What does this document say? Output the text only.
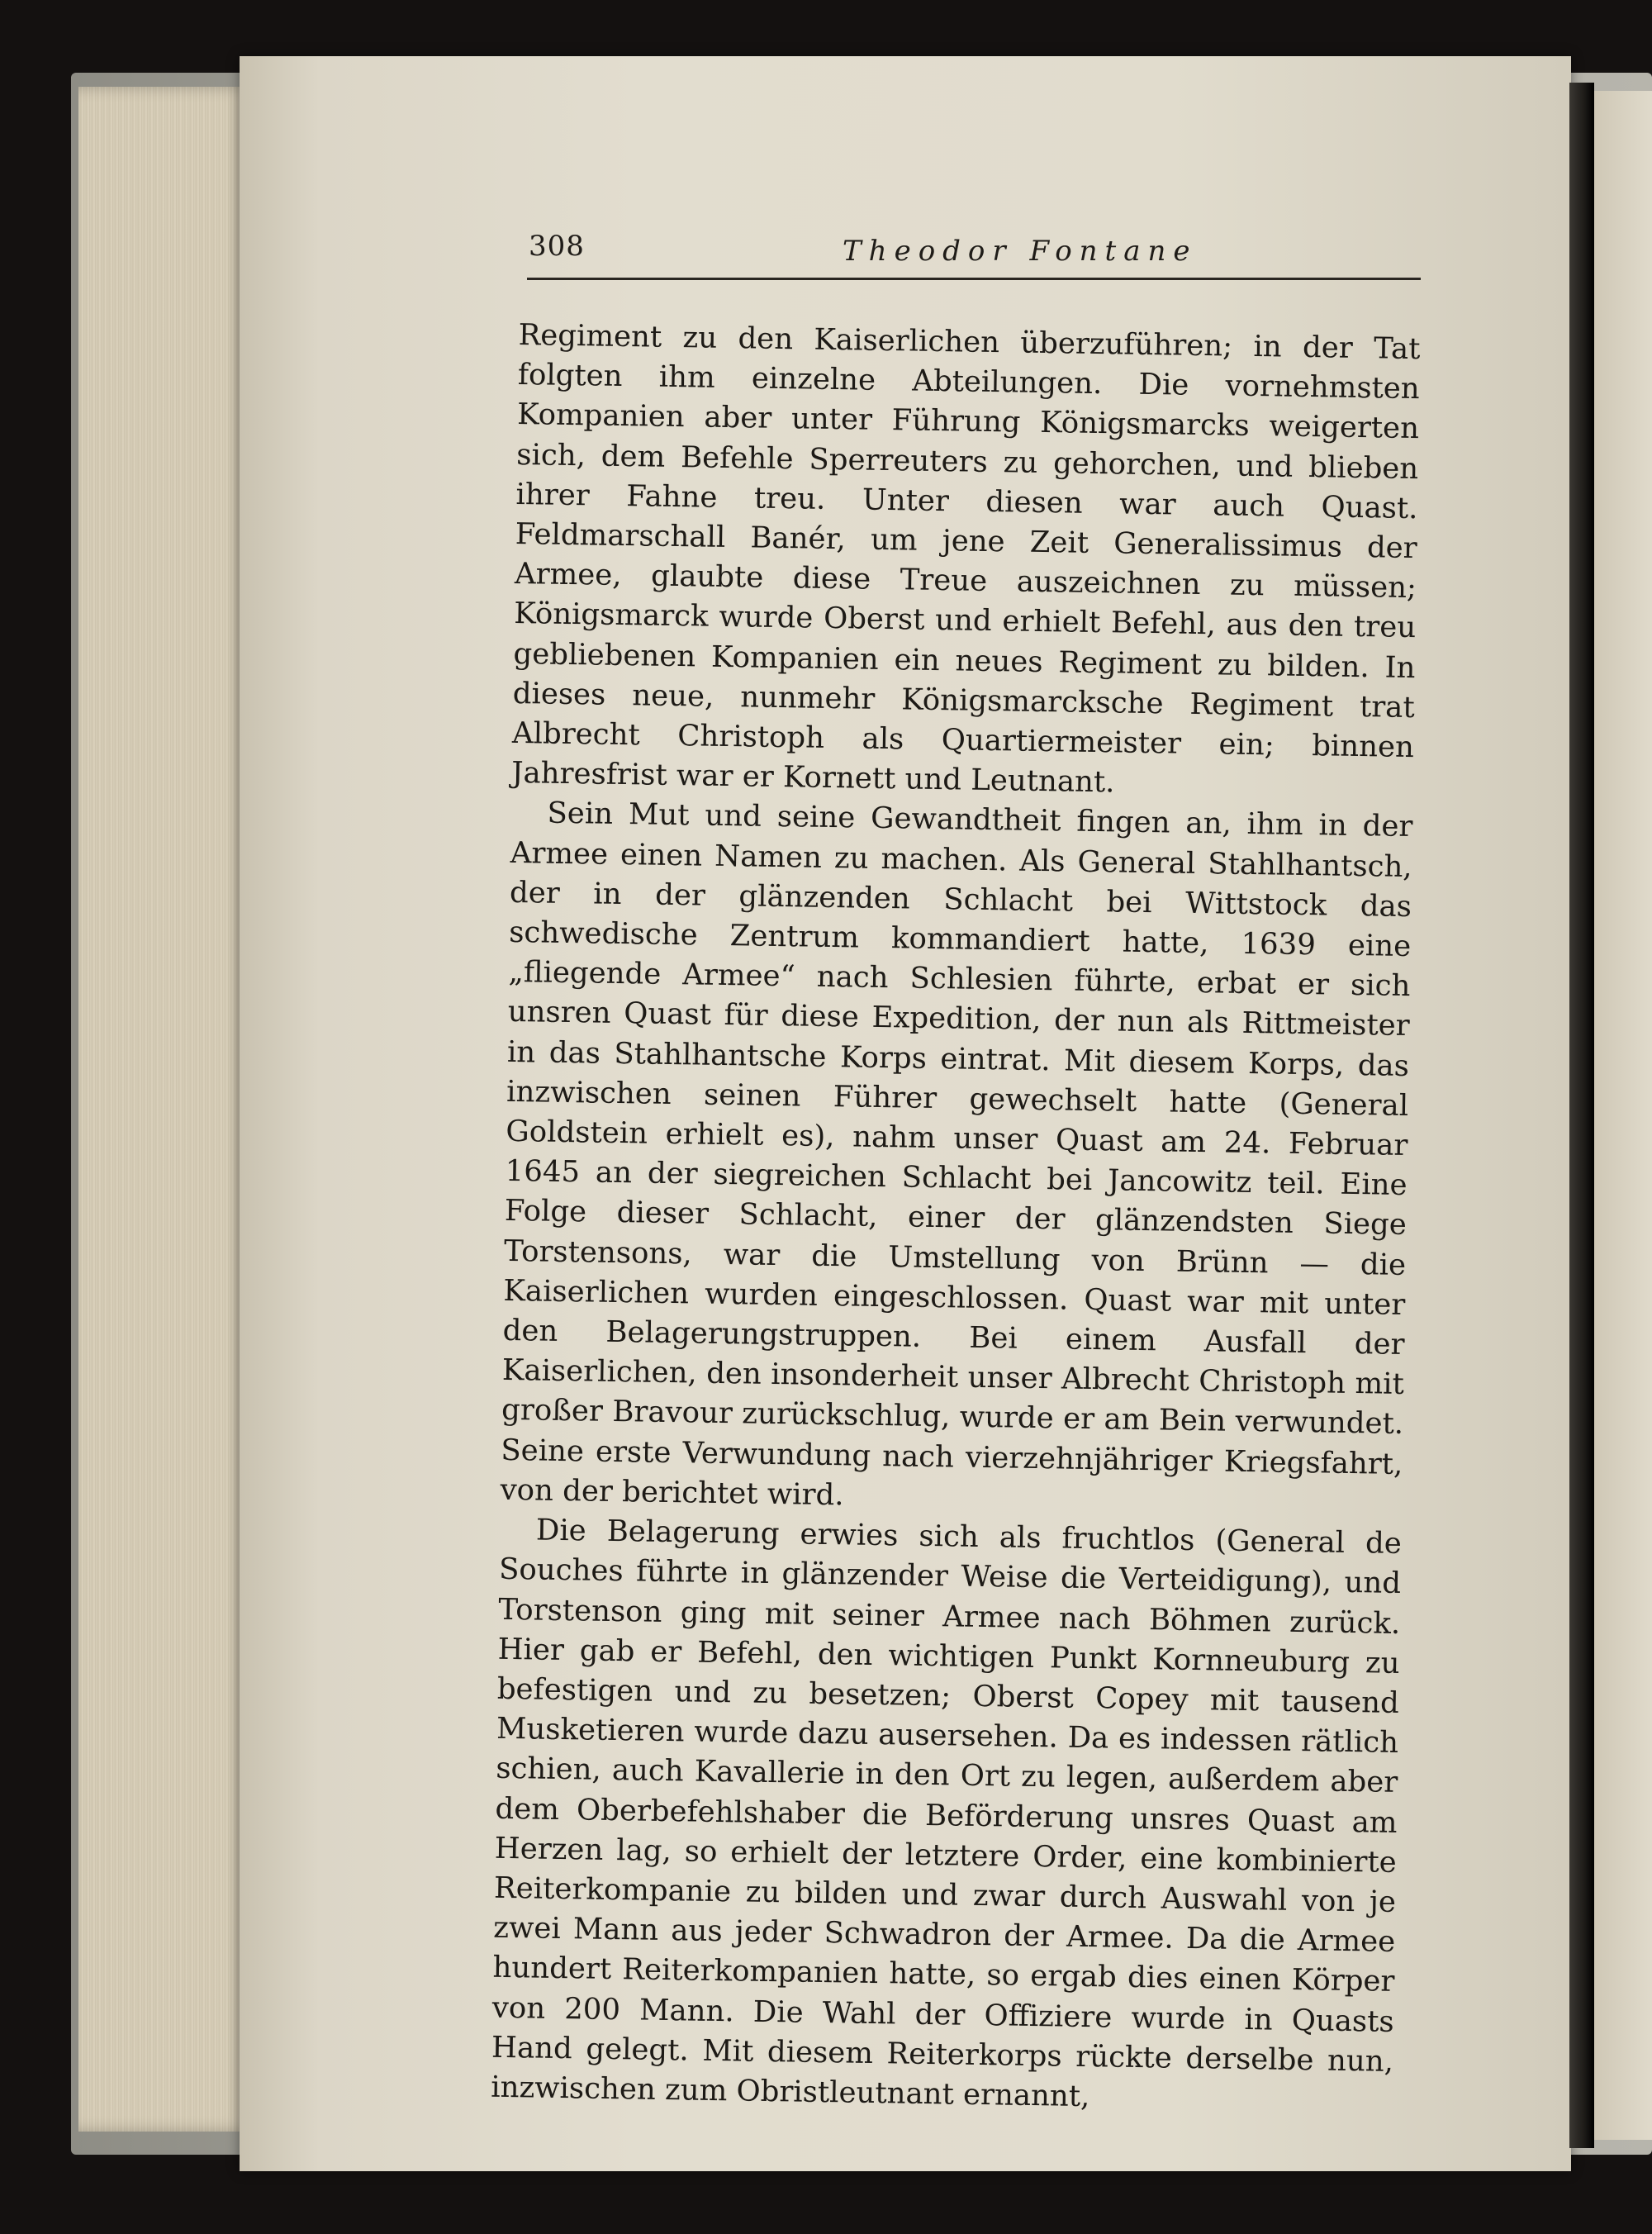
308	Theodor Fontane

Regiment zu den Kaiserlichen überzuführen; in der Tat folgten ihm einzelne Abteilungen. Die vornehmsten Kompanien aber unter Führung Königsmarcks weigerten sich, dem Befehle Sperreuters zu gehorchen, und blieben ihrer Fahne treu. Unter diesen war auch Quast. Feldmarschall Banér, um jene Zeit Generalissimus der Armee, glaubte diese Treue auszeichnen zu müssen; Königsmarck wurde Oberst und erhielt Befehl, aus den treu gebliebenen Kompanien ein neues Regiment zu bilden. In dieses neue, nunmehr Königsmarcksche Regiment trat Albrecht Christoph als Quartiermeister ein; binnen Jahresfrist war er Kornett und Leutnant.

Sein Mut und seine Gewandtheit fingen an, ihm in der Armee einen Namen zu machen. Als General Stahlhantsch, der in der glänzenden Schlacht bei Wittstock das schwedische Zentrum kommandiert hatte, 1639 eine „fliegende Armee“ nach Schlesien führte, erbat er sich unsren Quast für diese Expedition, der nun als Rittmeister in das Stahlhantsche Korps eintrat. Mit diesem Korps, das inzwischen seinen Führer gewechselt hatte (General Goldstein erhielt es), nahm unser Quast am 24. Februar 1645 an der siegreichen Schlacht bei Jancowitz teil. Eine Folge dieser Schlacht, einer der glänzendsten Siege Torstensons, war die Umstellung von Brünn — die Kaiserlichen wurden eingeschlossen. Quast war mit unter den Belagerungstruppen. Bei einem Ausfall der Kaiserlichen, den insonderheit unser Albrecht Christoph mit großer Bravour zurückschlug, wurde er am Bein verwundet. Seine erste Verwundung nach vierzehnjähriger Kriegsfahrt, von der berichtet wird.

Die Belagerung erwies sich als fruchtlos (General de Souches führte in glänzender Weise die Verteidigung), und Torstenson ging mit seiner Armee nach Böhmen zurück. Hier gab er Befehl, den wichtigen Punkt Kornneuburg zu befestigen und zu besetzen; Oberst Copey mit tausend Musketieren wurde dazu ausersehen. Da es indessen rätlich schien, auch Kavallerie in den Ort zu legen, außerdem aber dem Oberbefehlshaber die Beförderung unsres Quast am Herzen lag, so erhielt der letztere Order, eine kombinierte Reiterkompanie zu bilden und zwar durch Auswahl von je zwei Mann aus jeder Schwadron der Armee. Da die Armee hundert Reiterkompanien hatte, so ergab dies einen Körper von 200 Mann. Die Wahl der Offiziere wurde in Quasts Hand gelegt. Mit diesem Reiterkorps rückte derselbe nun, inzwischen zum Obristleutnant ernannt,
